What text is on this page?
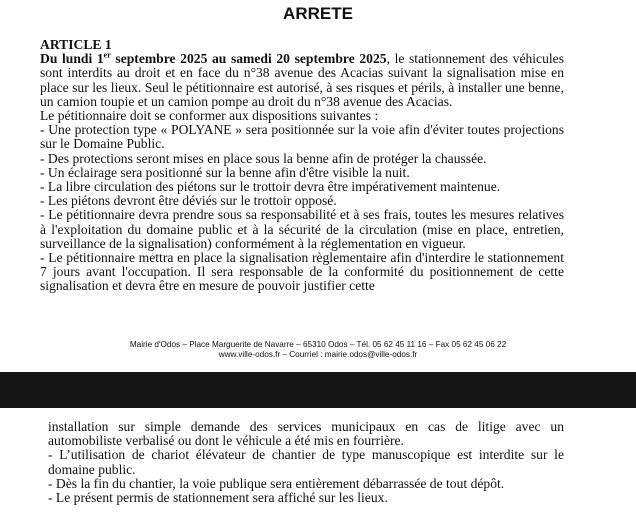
ARRETE

ARTICLE 1

Du lundi 1er septembre 2025 au samedi 20 septembre 2025, le stationnement des véhicules sont interdits au droit et en face du n°38 avenue des Acacias suivant la signalisation mise en place sur les lieux. Seul le pétitionnaire est autorisé, à ses risques et périls, à installer une benne, un camion toupie et un camion pompe au droit du n°38 avenue des Acacias.

Le pétitionnaire doit se conformer aux dispositions suivantes :

- Une protection type « POLYANE » sera positionnée sur la voie afin d'éviter toutes projections sur le Domaine Public.

- Des protections seront mises en place sous la benne afin de protéger la chaussée.

- Un éclairage sera positionné sur la benne afin d'être visible la nuit.

- La libre circulation des piétons sur le trottoir devra être impérativement maintenue.

- Les piétons devront être déviés sur le trottoir opposé.

- Le pétitionnaire devra prendre sous sa responsabilité et à ses frais, toutes les mesures relatives à l'exploitation du domaine public et à la sécurité de la circulation (mise en place, entretien, surveillance de la signalisation) conformément à la réglementation en vigueur.

- Le pétitionnaire mettra en place la signalisation règlementaire afin d'interdire le stationnement 7 jours avant l'occupation. Il sera responsable de la conformité du positionnement de cette signalisation et devra être en mesure de pouvoir justifier cette

Mairie d'Odos – Place Marguerite de Navarre – 65310 Odos – Tél. 05 62 45 11 16 – Fax 05 62 45 06 22
www.ville-odos.fr – Courriel : mairie.odos@ville-odos.fr

installation sur simple demande des services municipaux en cas de litige avec un automobiliste verbalisé ou dont le véhicule a été mis en fourrière.

- L’utilisation de chariot élévateur de chantier de type manuscopique est interdite sur le domaine public.

- Dès la fin du chantier, la voie publique sera entièrement débarrassée de tout dépôt.

- Le présent permis de stationnement sera affiché sur les lieux.
